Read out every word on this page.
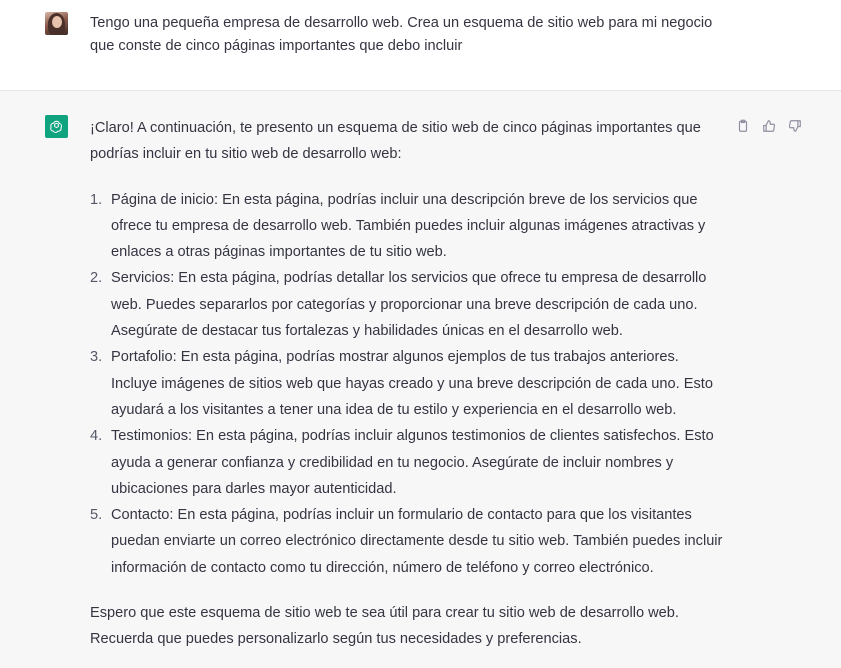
Tengo una pequeña empresa de desarrollo web. Crea un esquema de sitio web para mi negocio que conste de cinco páginas importantes que debo incluir

¡Claro! A continuación, te presento un esquema de sitio web de cinco páginas importantes que podrías incluir en tu sitio web de desarrollo web:

1. Página de inicio: En esta página, podrías incluir una descripción breve de los servicios que ofrece tu empresa de desarrollo web. También puedes incluir algunas imágenes atractivas y enlaces a otras páginas importantes de tu sitio web.
2. Servicios: En esta página, podrías detallar los servicios que ofrece tu empresa de desarrollo web. Puedes separarlos por categorías y proporcionar una breve descripción de cada uno. Asegúrate de destacar tus fortalezas y habilidades únicas en el desarrollo web.
3. Portafolio: En esta página, podrías mostrar algunos ejemplos de tus trabajos anteriores. Incluye imágenes de sitios web que hayas creado y una breve descripción de cada uno. Esto ayudará a los visitantes a tener una idea de tu estilo y experiencia en el desarrollo web.
4. Testimonios: En esta página, podrías incluir algunos testimonios de clientes satisfechos. Esto ayuda a generar confianza y credibilidad en tu negocio. Asegúrate de incluir nombres y ubicaciones para darles mayor autenticidad.
5. Contacto: En esta página, podrías incluir un formulario de contacto para que los visitantes puedan enviarte un correo electrónico directamente desde tu sitio web. También puedes incluir información de contacto como tu dirección, número de teléfono y correo electrónico.

Espero que este esquema de sitio web te sea útil para crear tu sitio web de desarrollo web. Recuerda que puedes personalizarlo según tus necesidades y preferencias.
